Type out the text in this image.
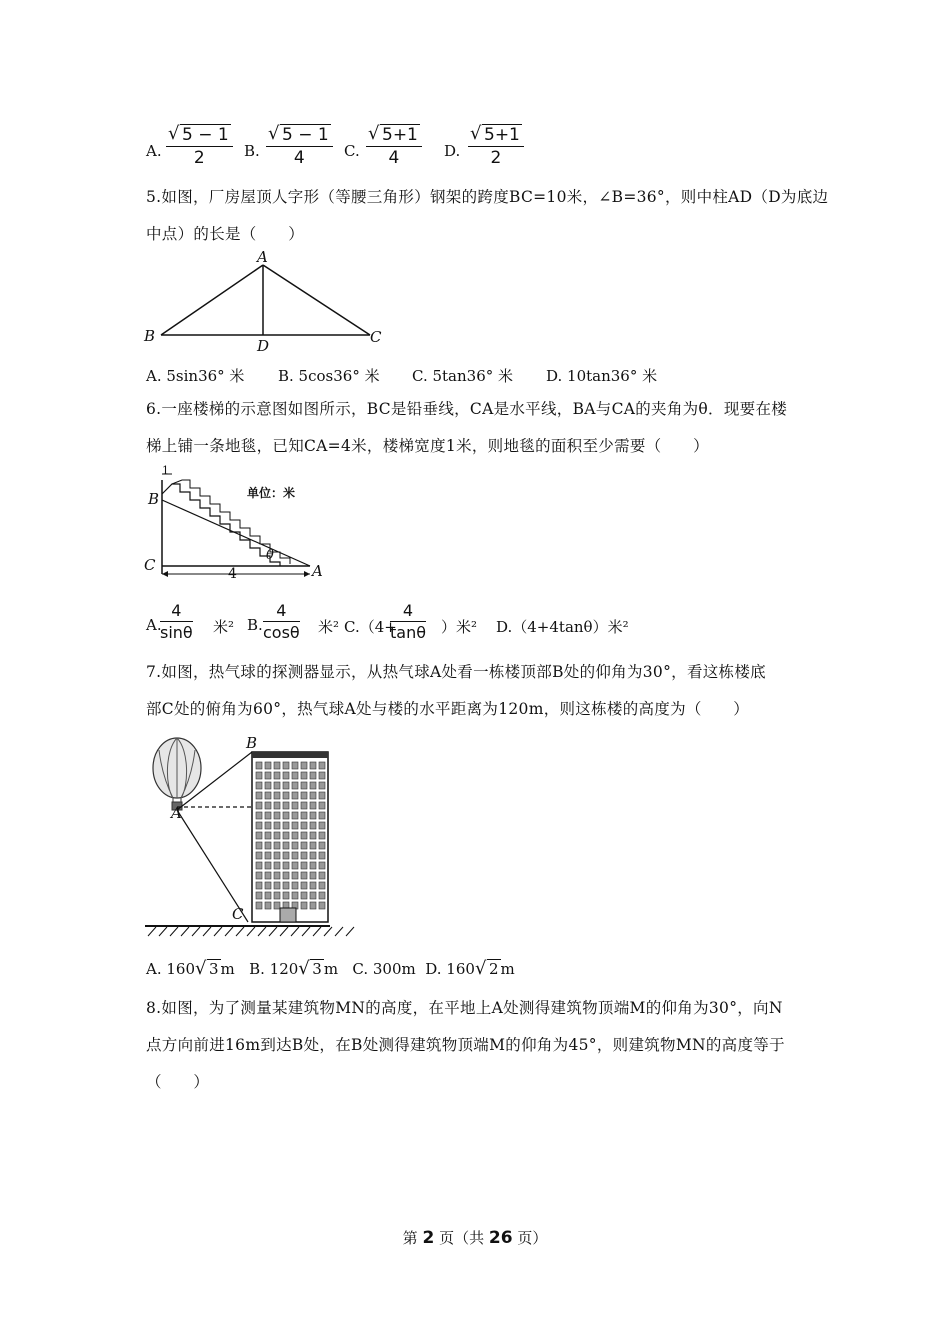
A.
√ 5 − 1
2	B.
√ 5 − 1
4	C.
√ 5+1
4	D.
√ 5+1
2
5.如图，厂房屋顶人字形（等腰三角形）钢架的跨度BC=10米，∠B=36°，则中柱AD（D为底边
中点）的长是（　　）
A
B	C
D
A. 5sin36° 米 B. 5cos36° 米 C. 5tan36° 米 D. 10tan36° 米
6.一座楼梯的示意图如图所示，BC是铅垂线，CA是水平线，BA与CA的夹角为θ．现要在楼
梯上铺一条地毯，已知CA=4米，楼梯宽度1米，则地毯的面积至少需要（　　）
B
C	A
θ
1
4
单位：米
A.
4
sinθ 米² B.
4
cosθ 米² C.（4+
4
tanθ ）米² D.（4+4tanθ）米²
7.如图，热气球的探测器显示，从热气球A处看一栋楼顶部B处的仰角为30°，看这栋楼底
部C处的俯角为60°，热气球A处与楼的水平距离为120m，则这栋楼的高度为（　　）
A
B
C
A. 160 √ 3 m B. 120 √ 3 m C. 300m D. 160 √ 2 m
8.如图，为了测量某建筑物MN的高度，在平地上A处测得建筑物顶端M的仰角为30°，向N
点方向前进16m到达B处，在B处测得建筑物顶端M的仰角为45°，则建筑物MN的高度等于
（　　）
第 2 页（共 26 页）
